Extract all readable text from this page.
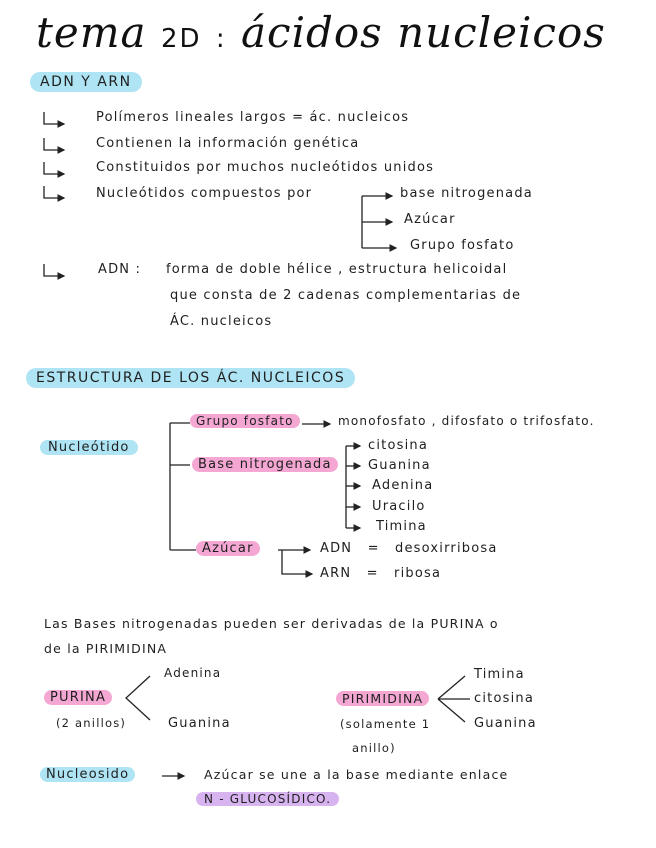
tema 2D : ácidos nucleicos
ADN Y ARN
Polímeros lineales largos = ác. nucleicos
Contienen la información genética
Constituidos por muchos nucleótidos unidos
Nucleótidos compuestos por	base nitrogenada
Azúcar
Grupo fosfato
ADN : forma de doble hélice , estructura helicoidal
que consta de 2 cadenas complementarias de
ÁC. nucleicos
ESTRUCTURA DE LOS ÁC. NUCLEICOS
Nucleótido
Grupo fosfato	monofosfato , difosfato o trifosfato.
Base nitrogenada
citosina
Guanina
Adenina
Uracilo
Timina
Azúcar	ADN = desoxirribosa
ARN = ribosa
Las Bases nitrogenadas pueden ser derivadas de la PURINA o
de la PIRIMIDINA
PURINA
(2 anillos)
Adenina
Guanina
PIRIMIDINA
(solamente 1
anillo)
Timina
citosina
Guanina
Nucleosido	Azúcar se une a la base mediante enlace
N - GLUCOSÍDICO.
